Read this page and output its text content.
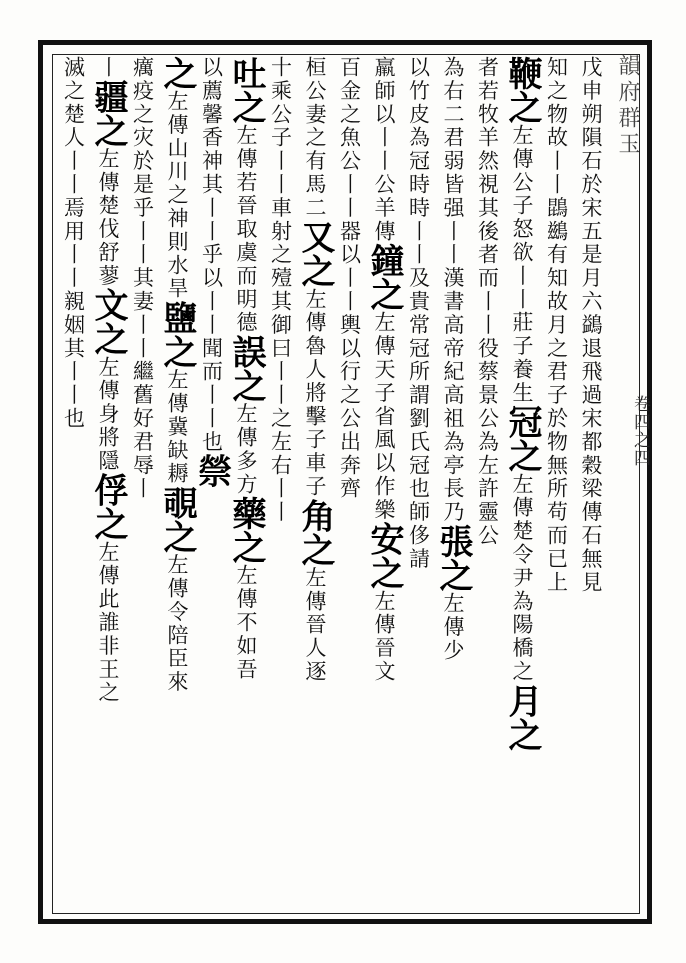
韻府群玉
卷四之四
戊申朔隕石於宋五是月六鷁退飛過宋都穀梁傳石無見
知之物故丨丨鵾鷀有知故月之君子於物無所苟而已上
鞭之左傳公子怒欲丨丨莊子養生冠之左傳楚令尹為陽橋之月之
者若牧羊然視其後者而丨丨役蔡景公為左許靈公
為右二君弱皆强丨丨漢書高帝紀高祖為亭長乃張之左傳少
以竹皮為冠時時丨丨及貴常冠所謂劉氏冠也師侈請
羸師以丨丨公羊傳鐘之左傳天子省風以作樂安之左傳晉文
百金之魚公丨丨器以丨丨輿以行之公出奔齊
桓公妻之有馬二又之左傳魯人將擊子車子角之左傳晉人逐
十乘公子丨丨車射之殪其御曰丨丨之左右丨丨
吐之左傳若晉取虞而明德誤之左傳多方藥之左傳不如吾
以薦馨香神其丨丨乎以丨丨聞而丨丨也禜
之左傳山川之神則水旱鹽之左傳冀缺耨覗之左傳令陪臣來
癘疫之灾於是乎丨丨其妻丨丨繼舊好君辱丨
丨疆之左傳楚伐舒蓼文之左傳身將隱俘之左傳此誰非王之
滅之楚人丨丨焉用丨丨親姻其丨丨也
